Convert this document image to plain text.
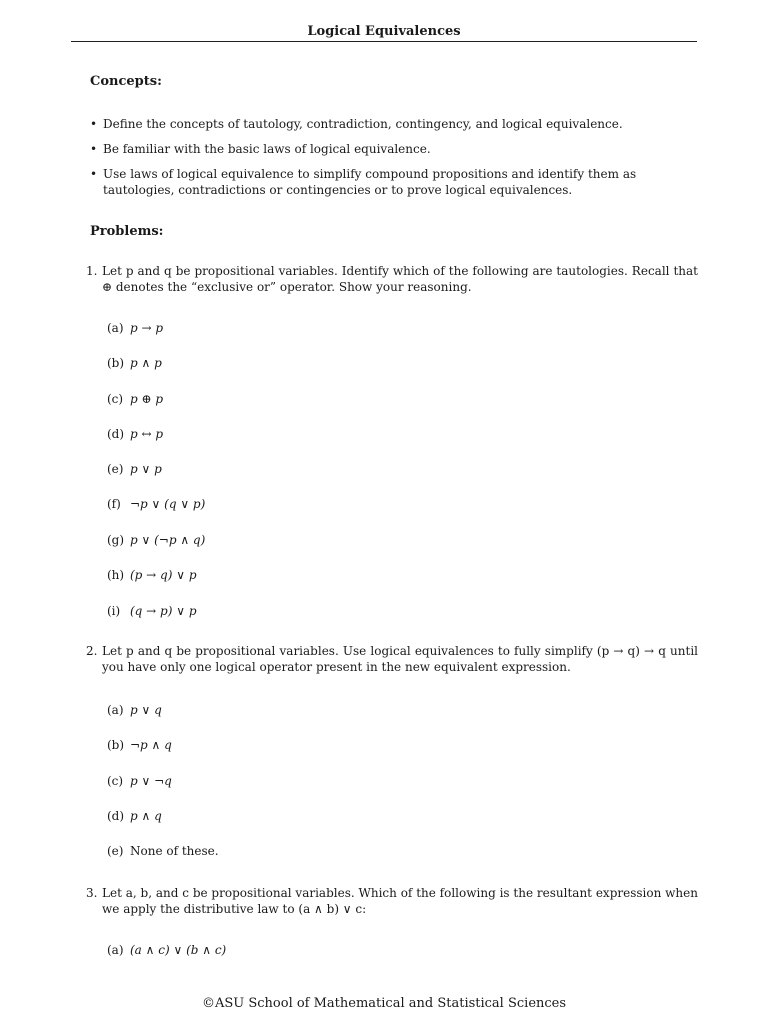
Logical Equivalences
Concepts:
• Define the concepts of tautology, contradiction, contingency, and logical equivalence.
• Be familiar with the basic laws of logical equivalence.
• Use laws of logical equivalence to simplify compound propositions and identify them as tautologies, contradictions or contingencies or to prove logical equivalences.
Problems:
1. Let p and q be propositional variables. Identify which of the following are tautologies. Recall that ⊕ denotes the “exclusive or” operator. Show your reasoning.
(a) p → p
(b) p ∧ p
(c) p ⊕ p
(d) p ↔ p
(e) p ∨ p
(f) ¬p ∨ (q ∨ p)
(g) p ∨ (¬p ∧ q)
(h) (p → q) ∨ p
(i) (q → p) ∨ p
2. Let p and q be propositional variables. Use logical equivalences to fully simplify (p → q) → q until you have only one logical operator present in the new equivalent expression.
(a) p ∨ q
(b) ¬p ∧ q
(c) p ∨ ¬q
(d) p ∧ q
(e) None of these.
3. Let a, b, and c be propositional variables. Which of the following is the resultant expression when we apply the distributive law to (a ∧ b) ∨ c:
(a) (a ∧ c) ∨ (b ∧ c)
©ASU School of Mathematical and Statistical Sciences
